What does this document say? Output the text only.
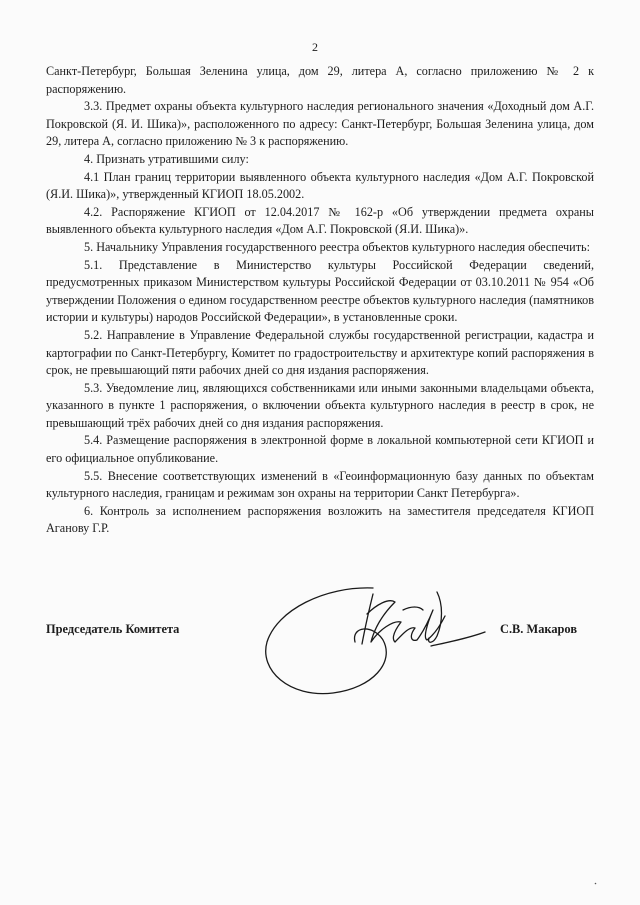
2

Санкт-Петербург, Большая Зеленина улица, дом 29, литера А, согласно приложению № 2 к распоряжению.

3.3. Предмет охраны объекта культурного наследия регионального значения «Доходный дом А.Г. Покровской (Я. И. Шика)», расположенного по адресу: Санкт-Петербург, Большая Зеленина улица, дом 29, литера А, согласно приложению № 3 к распоряжению.

4. Признать утратившими силу:

4.1 План границ территории выявленного объекта культурного наследия «Дом А.Г. Покровской (Я.И. Шика)», утвержденный КГИОП 18.05.2002.

4.2. Распоряжение КГИОП от 12.04.2017 № 162-р «Об утверждении предмета охраны выявленного объекта культурного наследия «Дом А.Г. Покровской (Я.И. Шика)».

5. Начальнику Управления государственного реестра объектов культурного наследия обеспечить:

5.1. Представление в Министерство культуры Российской Федерации сведений, предусмотренных приказом Министерством культуры Российской Федерации от 03.10.2011 № 954 «Об утверждении Положения о едином государственном реестре объектов культурного наследия (памятников истории и культуры) народов Российской Федерации», в установленные сроки.

5.2. Направление в Управление Федеральной службы государственной регистрации, кадастра и картографии по Санкт-Петербургу, Комитет по градостроительству и архитектуре копий распоряжения в срок, не превышающий пяти рабочих дней со дня издания распоряжения.

5.3. Уведомление лиц, являющихся собственниками или иными законными владельцами объекта, указанного в пункте 1 распоряжения, о включении объекта культурного наследия в реестр в срок, не превышающий трёх рабочих дней со дня издания распоряжения.

5.4. Размещение распоряжения в электронной форме в локальной компьютерной сети КГИОП и его официальное опубликование.

5.5. Внесение соответствующих изменений в «Геоинформационную базу данных по объектам культурного наследия, границам и режимам зон охраны на территории Санкт Петербурга».

6. Контроль за исполнением распоряжения возложить на заместителя председателя КГИОП Аганову Г.Р.

Председатель Комитета	С.В. Макаров
